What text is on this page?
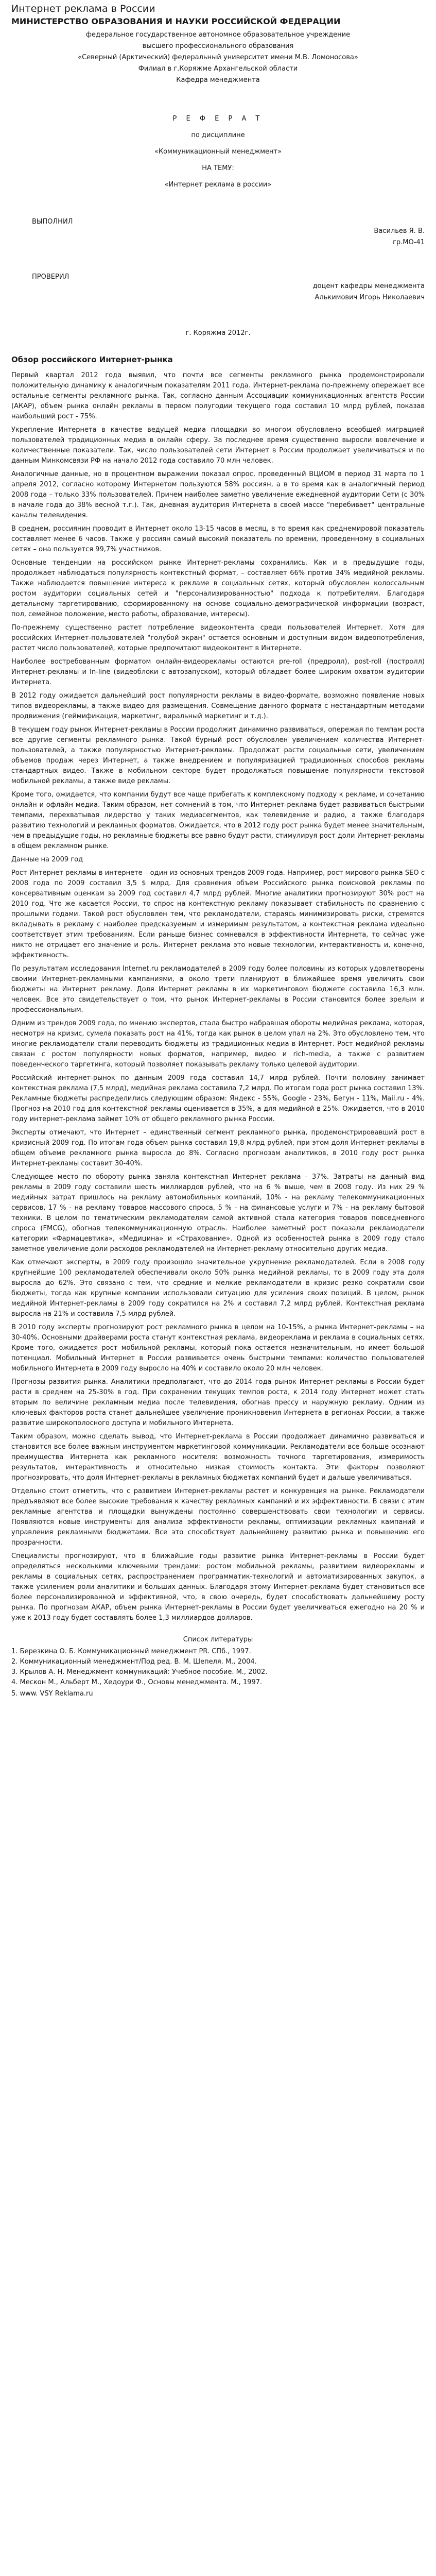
Интернет реклама в России
МИНИСТЕРСТВО ОБРАЗОВАНИЯ И НАУКИ РОССИЙСКОЙ ФЕДЕРАЦИИ
федеральное государственное автономное образовательное учреждение
высшего профессионального образования
«Северный (Арктический) федеральный университет имени М.В. Ломоносова»
Филиал в г.Коряжме Архангельской области
Кафедра менеджмента
Р Е Ф Е Р А Т
по дисциплине
«Коммуникационный менеджмент»
НА ТЕМУ:
«Интернет реклама в россии»
ВЫПОЛНИЛ
Васильев Я. В.
гр.МО-41
ПРОВЕРИЛ
доцент кафедры менеджмента
Алькимович Игорь Николаевич
г. Коряжма 2012г.
Обзор российского Интернет-рынка

Первый квартал 2012 года выявил, что почти все сегменты рекламного рынка продемонстрировали положительную динамику к аналогичным показателям 2011 года. Интернет-реклама по-прежнему опережает все остальные сегменты рекламного рынка. Так, согласно данным Ассоциации коммуникационных агентств России (АКАР), объем рынка онлайн рекламы в первом полугодии текущего года составил 10 млрд рублей, показав наибольший рост - 75%.

Укрепление Интернета в качестве ведущей медиа площадки во многом обусловлено всеобщей миграцией пользователей традиционных медиа в онлайн сферу. За последнее время существенно выросли вовлечение и количественные показатели. Так, число пользователей сети Интернет в России продолжает увеличиваться и по данным Минкомсвязи РФ на начало 2012 года составило 70 млн человек.

Аналогичные данные, но в процентном выражении показал опрос, проведенный ВЦИОМ в период 31 марта по 1 апреля 2012, согласно которому Интернетом пользуются 58% россиян, а в то время как в аналогичный период 2008 года – только 33% пользователей. Причем наиболее заметно увеличение ежедневной аудитории Сети (с 30% в начале года до 38% весной т.г.). Так, дневная аудитория Интернета в своей массе "перебивает" центральные каналы телевидения.

В среднем, россиянин проводит в Интернет около 13-15 часов в месяц, в то время как среднемировой показатель составляет менее 6 часов. Также у россиян самый высокий показатель по времени, проведенному в социальных сетях – она пользуется 99,7% участников.

Основные тенденции на российском рынке Интернет-рекламы сохранились. Как и в предыдущие годы, продолжает наблюдаться популярность контекстный формат, – составляет 66% против 34% медийной рекламы. Также наблюдается повышение интереса к рекламе в социальных сетях, который обусловлен колоссальным ростом аудитории социальных сетей и "персонализированностью" подхода к потребителям. Благодаря детальному таргетированию, сформированному на основе социально-демографической информации (возраст, пол, семейное положение, место работы, образование, интересы).

По-прежнему существенно растет потребление видеоконтента среди пользователей Интернет. Хотя для российских Интернет-пользователей "голубой экран" остается основным и доступным видом видеопотребления, растет число пользователей, которые предпочитают видеоконтент в Интернете.

Наиболее востребованным форматом онлайн-видеорекламы остаются pre-roll (предролл), post-roll (постролл) Интернет-рекламы и In-line (видеоблоки с автозапуском), который обладает более широким охватом аудитории Интернета.

В 2012 году ожидается дальнейший рост популярности рекламы в видео-формате, возможно появление новых типов видеорекламы, а также видео для размещения. Совмещение данного формата с нестандартным методами продвижения (геймификация, маркетинг, виральный маркетинг и т.д.).

В текущем году рынок Интернет-рекламы в России продолжит динамично развиваться, опережая по темпам роста все другие сегменты рекламного рынка. Такой бурный рост обусловлен увеличением количества Интернет-пользователей, а также популярностью Интернет-рекламы. Продолжат расти социальные сети, увеличением объемов продаж через Интернет, а также внедрением и популяризацией традиционных способов рекламы стандартных видео. Также в мобильном секторе будет продолжаться повышение популярности текстовой мобильной рекламы, а также виде рекламы.

Кроме того, ожидается, что компании будут все чаще прибегать к комплексному подходу к рекламе, и сочетанию онлайн и офлайн медиа. Таким образом, нет сомнений в том, что Интернет-реклама будет развиваться быстрыми темпами, перехватывая лидерство у таких медиасегментов, как телевидение и радио, а также благодаря развитию технологий и рекламных форматов. Ожидается, что в 2012 году рост рынка будет менее значительным, чем в предыдущие годы, но рекламные бюджеты все равно будут расти, стимулируя рост доли Интернет-рекламы в общем рекламном рынке.

Данные на 2009 год

Рост Интернет рекламы в интернете – один из основных трендов 2009 года. Например, рост мирового рынка SEO с 2008 года по 2009 составил 3,5 $ млрд. Для сравнения объем Российского рынка поисковой рекламы по консервативным оценкам за 2009 год составил 4,7 млрд рублей. Многие аналитики прогнозируют 30% рост на 2010 год. Что же касается России, то спрос на контекстную рекламу показывает стабильность по сравнению с прошлыми годами. Такой рост обусловлен тем, что рекламодатели, стараясь минимизировать риски, стремятся вкладывать в рекламу с наиболее предсказуемым и измеримым результатом, а контекстная реклама идеально соответствует этим требованиям. Если раньше бизнес сомневался в эффективности Интернета, то сейчас уже никто не отрицает его значение и роль. Интернет реклама это новые технологии, интерактивность и, конечно, эффективность.

По результатам исследования Internet.ru рекламодателей в 2009 году более половины из которых удовлетворены своими Интернет-рекламными кампаниями, а около трети планируют в ближайшее время увеличить свои бюджеты на Интернет рекламу. Доля Интернет рекламы в их маркетинговом бюджете составила 16,3 млн. человек. Все это свидетельствует о том, что рынок Интернет-рекламы в России становится более зрелым и профессиональным.

Одним из трендов 2009 года, по мнению экспертов, стала быстро набравшая обороты медийная реклама, которая, несмотря на кризис, сумела показать рост на 41%, тогда как рынок в целом упал на 2%. Это обусловлено тем, что многие рекламодатели стали переводить бюджеты из традиционных медиа в Интернет. Рост медийной рекламы связан с ростом популярности новых форматов, например, видео и rich-media, а также с развитием поведенческого таргетинга, который позволяет показывать рекламу только целевой аудитории.

Российский интернет-рынок по данным 2009 года составил 14,7 млрд рублей. Почти половину занимает контекстная реклама (7,5 млрд), медийная реклама составила 7,2 млрд. По итогам года рост рынка составил 13%. Рекламные бюджеты распределились следующим образом: Яндекс - 55%, Google - 23%, Бегун - 11%, Mail.ru - 4%. Прогноз на 2010 год для контекстной рекламы оценивается в 35%, а для медийной в 25%. Ожидается, что в 2010 году интернет-реклама займет 10% от общего рекламного рынка России.

Эксперты отмечают, что Интернет – единственный сегмент рекламного рынка, продемонстрировавший рост в кризисный 2009 год. По итогам года объем рынка составил 19,8 млрд рублей, при этом доля Интернет-рекламы в общем объеме рекламного рынка выросла до 8%. Согласно прогнозам аналитиков, в 2010 году рост рынка Интернет-рекламы составит 30-40%.

Следующее место по обороту рынка заняла контекстная Интернет реклама - 37%. Затраты на данный вид рекламы в 2009 году составили шесть миллиардов рублей, что на 6 % выше, чем в 2008 году. Из них 29 % медийных затрат пришлось на рекламу автомобильных компаний, 10% - на рекламу телекоммуникационных сервисов, 17 % - на рекламу товаров массового спроса, 5 % - на финансовые услуги и 7% - на рекламу бытовой техники. В целом по тематическим рекламодателям самой активной стала категория товаров повседневного спроса (FMCG), обогнав телекоммуникационную отрасль. Наиболее заметный рост показали рекламодатели категории «Фармацевтика», «Медицина» и «Страхование». Одной из особенностей рынка в 2009 году стало заметное увеличение доли расходов рекламодателей на Интернет-рекламу относительно других медиа.

Как отмечают эксперты, в 2009 году произошло значительное укрупнение рекламодателей. Если в 2008 году крупнейшие 100 рекламодателей обеспечивали около 50% рынка медийной рекламы, то в 2009 году эта доля выросла до 62%. Это связано с тем, что средние и мелкие рекламодатели в кризис резко сократили свои бюджеты, тогда как крупные компании использовали ситуацию для усиления своих позиций. В целом, рынок медийной Интернет-рекламы в 2009 году сократился на 2% и составил 7,2 млрд рублей. Контекстная реклама выросла на 21% и составила 7,5 млрд рублей.

В 2010 году эксперты прогнозируют рост рекламного рынка в целом на 10-15%, а рынка Интернет-рекламы – на 30-40%. Основными драйверами роста станут контекстная реклама, видеореклама и реклама в социальных сетях. Кроме того, ожидается рост мобильной рекламы, который пока остается незначительным, но имеет большой потенциал. Мобильный Интернет в России развивается очень быстрыми темпами: количество пользователей мобильного Интернета в 2009 году выросло на 40% и составило около 20 млн человек.

Прогнозы развития рынка. Аналитики предполагают, что до 2014 года рынок Интернет-рекламы в России будет расти в среднем на 25-30% в год. При сохранении текущих темпов роста, к 2014 году Интернет может стать вторым по величине рекламным медиа после телевидения, обогнав прессу и наружную рекламу. Одним из ключевых факторов роста станет дальнейшее увеличение проникновения Интернета в регионах России, а также развитие широкополосного доступа и мобильного Интернета.

Таким образом, можно сделать вывод, что Интернет-реклама в России продолжает динамично развиваться и становится все более важным инструментом маркетинговой коммуникации. Рекламодатели все больше осознают преимущества Интернета как рекламного носителя: возможность точного таргетирования, измеримость результатов, интерактивность и относительно низкая стоимость контакта. Эти факторы позволяют прогнозировать, что доля Интернет-рекламы в рекламных бюджетах компаний будет и дальше увеличиваться.

Отдельно стоит отметить, что с развитием Интернет-рекламы растет и конкуренция на рынке. Рекламодатели предъявляют все более высокие требования к качеству рекламных кампаний и их эффективности. В связи с этим рекламные агентства и площадки вынуждены постоянно совершенствовать свои технологии и сервисы. Появляются новые инструменты для анализа эффективности рекламы, оптимизации рекламных кампаний и управления рекламными бюджетами. Все это способствует дальнейшему развитию рынка и повышению его прозрачности.

Специалисты прогнозируют, что в ближайшие годы развитие рынка Интернет-рекламы в России будет определяться несколькими ключевыми трендами: ростом мобильной рекламы, развитием видеорекламы и рекламы в социальных сетях, распространением программатик-технологий и автоматизированных закупок, а также усилением роли аналитики и больших данных. Благодаря этому Интернет-реклама будет становиться все более персонализированной и эффективной, что, в свою очередь, будет способствовать дальнейшему росту рынка. По прогнозам АКАР, объем рынка Интернет-рекламы в России будет увеличиваться ежегодно на 20 % и уже к 2013 году будет составлять более 1,3 миллиардов долларов.

Список литературы
1. Березкина О. Б. Коммуникационный менеджмент PR. СПб., 1997.
2. Коммуникационный менеджмент/Под ред. В. М. Шепеля. М., 2004.
3. Крылов А. Н. Менеджмент коммуникаций: Учебное пособие. М., 2002.
4. Мескон М., Альберт М., Хедоури Ф., Основы менеджмента. М., 1997.
5. www. VSY Reklama.ru
